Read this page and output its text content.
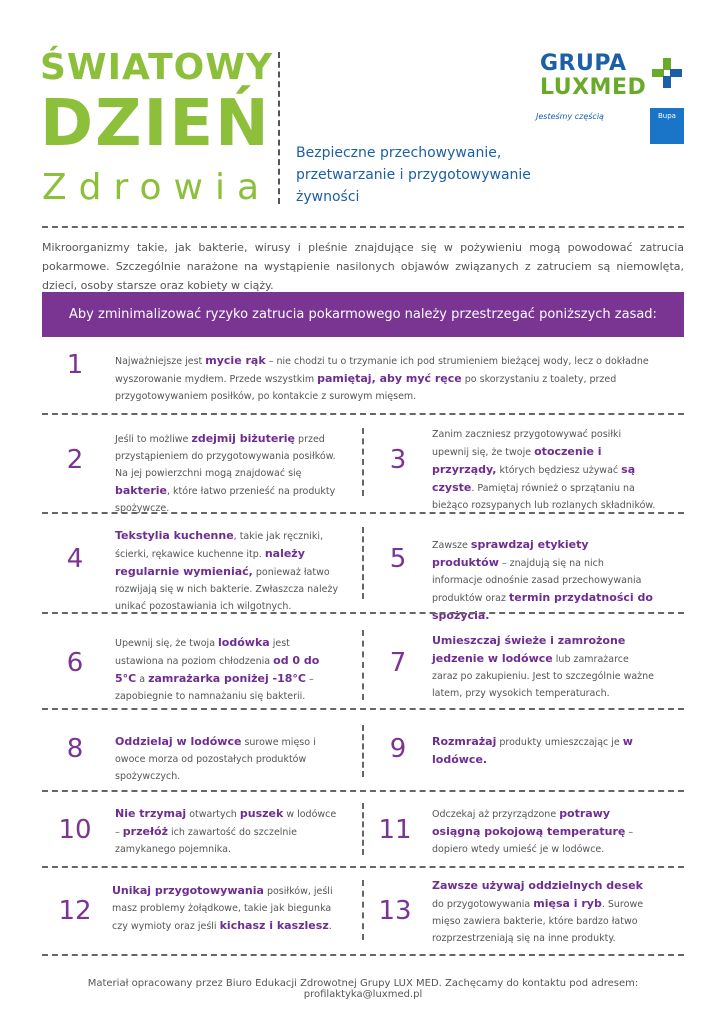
ŚWIATOWY
DZIEŃ
Zdrowia
Bezpieczne przechowywanie, przetwarzanie i przygotowywanie żywności
GRUPA
LUXMED
Jesteśmy częścią	Bupa
Mikroorganizmy takie, jak bakterie, wirusy i pleśnie znajdujące się w pożywieniu mogą powodować zatrucia pokarmowe. Szczególnie narażone na wystąpienie nasilonych objawów związanych z zatruciem są niemowlęta, dzieci, osoby starsze oraz kobiety w ciąży.
Aby zminimalizować ryzyko zatrucia pokarmowego należy przestrzegać poniższych zasad:
1	Najważniejsze jest mycie rąk – nie chodzi tu o trzymanie ich pod strumieniem bieżącej wody, lecz o dokładne wyszorowanie mydłem. Przede wszystkim pamiętaj, aby myć ręce po skorzystaniu z toalety, przed przygotowywaniem posiłków, po kontakcie z surowym mięsem.
2
Jeśli to możliwe zdejmij biżuterię przed przystąpieniem do przygotowywania posiłków. Na jej powierzchni mogą znajdować się bakterie, które łatwo przenieść na produkty spożywcze.
3
Zanim zaczniesz przygotowywać posiłki upewnij się, że twoje otoczenie i przyrządy, których będziesz używać są czyste. Pamiętaj również o sprzątaniu na bieżąco rozsypanych lub rozlanych składników.
4
Tekstylia kuchenne, takie jak ręczniki, ścierki, rękawice kuchenne itp. należy regularnie wymieniać, ponieważ łatwo rozwijają się w nich bakterie. Zwłaszcza należy unikać pozostawiania ich wilgotnych.
5	Zawsze sprawdzaj etykiety produktów – znajdują się na nich informacje odnośnie zasad przechowywania produktów oraz termin przydatności do spożycia.
6
Upewnij się, że twoja lodówka jest ustawiona na poziom chłodzenia od 0 do 5°C a zamrażarka poniżej -18°C – zapobiegnie to namnażaniu się bakterii.
7
Umieszczaj świeże i zamrożone jedzenie w lodówce lub zamrażarce zaraz po zakupieniu. Jest to szczególnie ważne latem, przy wysokich temperaturach.
8	Oddzielaj w lodówce surowe mięso i owoce morza od pozostałych produktów spożywczych.
9	Rozmrażaj produkty umieszczając je w lodówce.
10
Nie trzymaj otwartych puszek w lodówce – przełóż ich zawartość do szczelnie zamykanego pojemnika.
11
Odczekaj aż przyrządzone potrawy osiągną pokojową temperaturę – dopiero wtedy umieść je w lodówce.
12
Unikaj przygotowywania posiłków, jeśli masz problemy żołądkowe, takie jak biegunka czy wymioty oraz jeśli kichasz i kaszlesz.
13
Zawsze używaj oddzielnych desek do przygotowywania mięsa i ryb. Surowe mięso zawiera bakterie, które bardzo łatwo rozprzestrzeniają się na inne produkty.
Materiał opracowany przez Biuro Edukacji Zdrowotnej Grupy LUX MED. Zachęcamy do kontaktu pod adresem: profilaktyka@luxmed.pl
